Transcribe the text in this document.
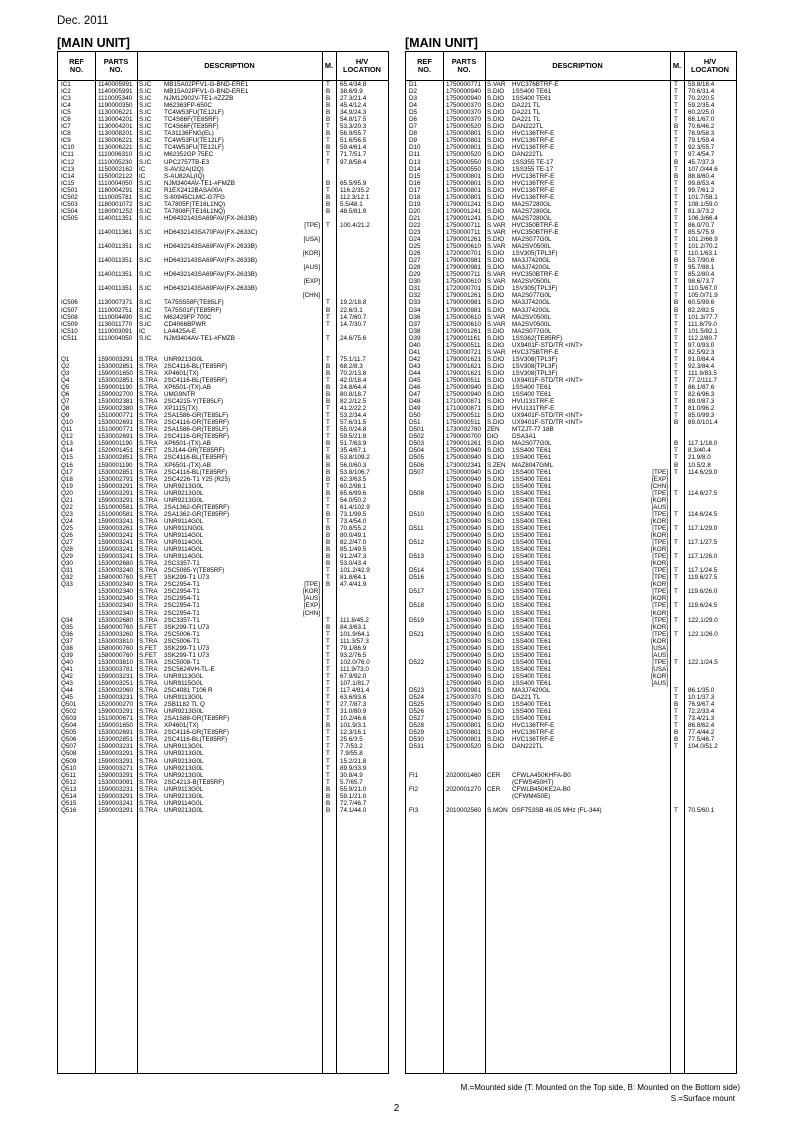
Dec. 2011
[MAIN UNIT]	[MAIN UNIT]
REF
NO.
PARTS
NO.	DESCRIPTION	M.	H/V
LOCATION
IC1	1140005991 S.IC MB15A02PFV1-G-BND-ERE1	T 65.4/34.8
IC2	1140005991 S.IC MB15A02PFV1-G-BND-ERE1	B 38.6/9.9
IC3	1110005340 S.IC NJM12902V-TE1-#ZZZB	B 27.3/21.4
IC4	1190000350 S.IC M62363FP-650C	B 45.4/12.4
IC5	1130006221 S.IC TC4W53FU(TE12LF)	B 34.9/24.3
IC6	1130004201 S.IC TC4S66F(TE85RF)	B 54.8/17.5
IC7	1130004201 S.IC TC4S66F(TE85RF)	T 53.3/20.3
IC8	1130008201 S.IC TA31136FNG(EL)	B 56.9/55.7
IC9	1130006221 S.IC TC4W53FU(TE12LF)	T 51.6/56.5
IC10	1130006221 S.IC TC4W53FU(TE12LF)	B 59.4/61.4
IC11	1110006310 S.IC M62352GP 75EC	T 71.7/51.7
IC12	1110005230 S.IC UPC2757TB-E3	T 97.8/58.4
IC13	1150002162 IC	S-AV32A(I2Q)
IC14	1150002122 IC	S-AU82AL(IQ)
IC15	1110004050 S.IC NJM3404AV-TE1-#FMZB	B 65.5/95.9
IC501	1180004291 S.IC R1EX2412BASA00A	T 116.2/35.2
IC502	1110005781 S.IC S-80945CLMC-G7FG	B 112.3/12.1
IC503	1180001072 S.IC TA7805F(TE16L1NQ)	B 5.5/48.1
IC504	1180001252 S.IC TA7808F(TE16L1NQ)	B 48.5/81.9
IC505	1140011351 S.IC HD6432143SA69FAV(FX-2633B)
[TPE] T 100.4/21.2
1140011361 S.IC HD6432143SA70FAV(FX-2633C)
[USA]
1140011351 S.IC HD6432143SA69FAV(FX-2633B)
[KOR]
1140011351 S.IC HD6432143SA69FAV(FX-2633B)
[AUS]
1140011351 S.IC HD6432143SA69FAV(FX-2633B)
[EXP]
1140011351 S.IC HD6432143SA69FAV(FX-2633B)
[CHN]
IC506	1130007371 S.IC TA75S558F(TE85LF)	T 19.2/18.8
IC507	1110002751 S.IC TA75S01F(TE85RF)	B 22.6/3.1
IC508	1110004490 S.IC M62429FP 700C	T 14.7/60.7
IC509	1130011770 S.IC CD4066BPWR	T 14.7/30.7
IC510	1110003091 IC	LA4425A-E
IC511	1110004050 S.IC NJM3404AV-TE1-#FMZB	T 24.6/75.6
Q1	1590003291 S.TRA UNR9213G0L	T 75.1/11.7
Q2	1530002851 S.TRA 2SC4116-BL(TE85RF)	B 68.2/8.3
Q3	1590001650 S.TRA XP4601(TX)	B 70.2/13.8
Q4	1530002851 S.TRA 2SC4116-BL(TE85RF)	T 42.0/18.4
Q5	1590001190 S.TRA XP6501-(TX).AB	B 24.8/64.4
Q6	1590002700 S.TRA UMG9NTR	B 80.8/18.7
Q7	1530002381 S.TRA 2SC4215-Y(TE85LF)	B 82.2/12.5
Q8	1590002380 S.TRA XP1115(TX)	T 41.2/22.2
Q9	1510000771 S.TRA 2SA1586-GR(TE85LF)	T 53.2/34.4
Q10	1530002691 S.TRA 2SC4116-GR(TE85RF)	T 57.6/31.5
Q11	1510000771 S.TRA 2SA1586-GR(TE85LF)	T 55.0/24.8
Q12	1530002691 S.TRA 2SC4116-GR(TE85RF)	T 59.5/21.9
Q13	1590001190 S.TRA XP6501-(TX).AB	B 51.7/63.9
Q14	1520001451 S.FET 2SJ144-GR(TE85RF)	T 35.4/67.1
Q15	1530002851 S.TRA 2SC4116-BL(TE85RF)	B 53.8/109.2
Q16	1590001190 S.TRA XP6501-(TX).AB	B 56.0/60.3
Q17	1530002851 S.TRA 2SC4116-BL(TE85RF)	B 53.8/106.7
Q18	1530002791 S.TRA 2SC4226-T1 Y25 (R25)	B 62.3/63.5
Q19	1590003291 S.TRA UNR9213G0L	T 60.2/98.1
Q20	1590003291 S.TRA UNR9213G0L	B 65.6/99.6
Q21	1590003291 S.TRA UNR9213G0L	T 54.0/50.2
Q22	1510000581 S.TRA 2SA1362-GR(TE85RF)	T 61.4/102.9
Q23	1510000581 S.TRA 2SA1362-GR(TE85RF)	B 73.1/99.5
Q24	1590003241 S.TRA UNR9114G0L	T 73.4/54.0
Q25	1590003261 S.TRA UNR911NG0L	B 70.8/55.2
Q26	1590003241 S.TRA UNR9114G0L	B 80.0/49.1
Q27	1590003241 S.TRA UNR9114G0L	B 82.2/47.0
Q28	1590003241 S.TRA UNR9114G0L	B 85.1/49.5
Q29	1590003241 S.TRA UNR9114G0L	B 91.2/47.3
Q30	1530002680 S.TRA 2SC3357-T1	B 53.0/43.4
Q31	1530003240 S.TRA 2SC5085-Y(TE85RF)	T 101.2/42.9
Q32	1580000760 S.FET 3SK299-T1 U73	T 81.8/64.1
Q33	1530002340 S.TRA 2SC2954-T1	[TPE] B 47.4/41.9
1530002340 S.TRA 2SC2954-T1	[KOR]
1530002340 S.TRA 2SC2954-T1	[AUS]
1530002340 S.TRA 2SC2954-T1	[EXP]
1530002340 S.TRA 2SC2954-T1	[CHN]
Q34	1530002680 S.TRA 2SC3357-T1	T 111.8/45.2
Q35	1580000760 S.FET 3SK299-T1 U73	B 84.3/63.1
Q36	1530003260 S.TRA 2SC5006-T1	T 101.9/64.1
Q37	1530003810 S.TRA 2SC5006-T1	T 111.3/57.3
Q38	1580000760 S.FET 3SK299-T1 U73	T 79.1/86.9
Q39	1580000760 S.FET 3SK299-T1 U73	T 93.2/76.5
Q40	1530003810 S.TRA 2SC5008-T1	T 102.0/76.0
Q41	1530003781 S.TRA 2SC5624VH-TL-E	T 111.9/73.0
Q42	1590003231 S.TRA UNR9113G0L	T 67.9/92.0
Q43	1590003251 S.TRA UNR9115G0L	T 107.1/81.7
Q44	1530002060 S.TRA 2SC4081 T106 R	T 117.4/81.4
Q45	1590003231 S.TRA UNR9113G0L	T 63.6/93.6
Q501	1520000270 S.TRA 2SB1182 TL Q	T 27.7/87.3
Q502	1590003291 S.TRA UNR9213G0L	T 31.0/80.9
Q503	1510000671 S.TRA 2SA1588-GR(TE85RF)	T 10.2/46.6
Q504	1590001650 S.TRA XP4601(TX)	B 101.9/3.1
Q505	1530002691 S.TRA 2SC4116-GR(TE85RF)	T 12.3/16.1
Q506	1530002851 S.TRA 2SC4116-BL(TE85RF)	T 25.6/3.5
Q507	1590003231 S.TRA UNR9113G0L	T 7.7/53.2
Q508	1590003291 S.TRA UNR9213G0L	T 7.9/55.8
Q509	1590003291 S.TRA UNR9213G0L	T 15.2/21.8
Q510	1590003271 S.TRA UNR9213G0L	T 89.9/33.9
Q511	1590003291 S.TRA UNR9213G0L	T 30.8/4.9
Q512	1530003091 S.TRA 2SC4213-B(TE85RF)	T 5.7/65.7
Q513	1590003231 S.TRA UNR9113G0L	B 55.9/21.0
Q514	1590003291 S.TRA UNR9213G0L	B 59.1/21.0
Q515	1590003241 S.TRA UNR9114G0L	B 72.7/46.7
Q516	1590003291 S.TRA UNR9213G0L	B 74.1/44.0
REF
NO.
PARTS
NO.	DESCRIPTION	M.	H/V
LOCATION
D1	1750000771 S.VAR HVC376BTRF-E	T 59.8/18.4
D2	1750000940 S.DIO 1SS400 TE61	T 70.6/31.4
D3	1750000940 S.DIO 1SS400 TE61	T 70.2/20.5
D4	1750000370 S.DIO DA221 TL	T 59.2/35.4
D5	1750000370 S.DIO DA221 TL	T 60.2/25.0
D6	1750000370 S.DIO DA221 TL	T 68.1/67.0
D7	1750000520 S.DIO DAN222TL	B 70.6/46.2
D8	1750000801 S.DIO HVC136TRF-E	T 78.9/58.3
D9	1750000801 S.DIO HVC136TRF-E	T 79.1/59.4
D10	1750000801 S.DIO HVC136TRF-E	T 92.3/55.7
D11	1750000520 S.DIO DAN222TL	T 97.4/54.7
D13	1750000550 S.DIO 1SS355 TE-17	B 45.7/37.3
D14	1750000550 S.DIO 1SS355 TE-17	T 107.0/44.6
D15	1750000801 S.DIO HVC136TRF-E	B 88.8/60.4
D16	1750000801 S.DIO HVC136TRF-E	T 99.8/53.4
D17	1750000801 S.DIO HVC136TRF-E	T 99.7/61.2
D18	1750000801 S.DIO HVC136TRF-E	T 101.7/58.1
D19	1790001241 S.DIO MA2S7280GL	T 108.1/59.0
D20	1790001241 S.DIO MA2S7280GL	T 81.3/73.2
D21	1790001241 S.DIO MA2S7280GL	T 106.3/66.4
D22	1750000711 S.VAR HVC350BTRF-E	T 86.0/70.7
D23	1750000711 S.VAR HVC350BTRF-E	T 85.5/75.9
D24	1790001261 S.DIO MA2S077G0L	T 101.2/66.9
D25	1750000610 S.VAR MA2SV0500L	T 101.2/70.2
D26	1720000701 S.DIO 1SV305(TPL3F)	T 110.1/63.1
D27	1790000981 S.DIO MA3J7420GL	B 53.7/90.6
D28	1790000981 S.DIO MA3J7420GL	T 95.7/88.1
D29	1750000711 S.VAR HVC350BTRF-E	T 85.2/80.4
D30	1750000610 S.VAR MA2SV0500L	T 98.6/73.7
D31	1720000701 S.DIO 1SV305(TPL3F)	T 110.5/67.0
D32	1790001261 S.DIO MA2S077G0L	T 105.0/71.9
D33	1790000981 S.DIO MA3J7420GL	B 60.5/99.6
D34	1790000981 S.DIO MA3J7420GL	B 82.2/82.5
D36	1750000610 S.VAR MA2SV0500L	T 101.3/77.7
D37	1750000610 S.VAR MA2SV0500L	T 111.8/79.0
D38	1790001261 S.DIO MA2S077G0L	T 101.5/82.1
D39	1790001161 S.DIO 1SS362(TE85RF)	T 112.2/80.7
D40	1750000511 S.DIO UX9401F-STD/TR <INT>	T 97.0/93.0
D41	1750000721 S.VAR HVC375BTRF-E	T 82.5/92.3
D42	1790001621 S.DIO 1SV308(TPL3F)	T 91.0/84.4
D43	1790001621 S.DIO 1SV308(TPL3F)	T 92.3/84.4
D44	1790001621 S.DIO 1SV308(TPL3F)	T 111.9/83.5
D45	1750000511 S.DIO UX9401F-STD/TR <INT>	T 77.2/111.7
D46	1750000940 S.DIO 1SS400 TE61	T 86.1/87.6
D47	1750000940 S.DIO 1SS400 TE61	T 82.6/96.3
D48	1710000871 S.DIO HVU131TRF-E	T 89.0/87.3
D49	1710000871 S.DIO HVU131TRF-E	T 81.0/96.2
D50	1750000511 S.DIO UX9401F-STD/TR <INT>	T 85.0/99.3
D51	1750000511 S.DIO UX9401F-STD/TR <INT>	B 89.0/101.4
D501	1730002780 ZEN MTZJT-77 18B
D502	1790000700 DIO DSA3A1
D503	1790001261 S.DIO MA2S077G0L	B 117.1/18.0
D504	1750000940 S.DIO 1SS400 TE61	T 8.3/40.4
D505	1750000940 S.DIO 1SS400 TE61	T 21.9/8.0
D506	1730002341 S.ZEN MAZ8047GML	B 10.5/2.8
D507	1750000940 S.DIO 1SS400 TE61	[TPE] T 114.6/29.0
1750000940 S.DIO 1SS400 TE61	[EXP]
1750000940 S.DIO 1SS400 TE61	[CHN]
D508	1750000940 S.DIO 1SS400 TE61	[TPE] T 114.6/27.5
1750000940 S.DIO 1SS400 TE61	[KOR]
1750000940 S.DIO 1SS400 TE61	[AUS]
D510	1750000940 S.DIO 1SS400 TE61	[TPE] T 114.6/24.5
1750000940 S.DIO 1SS400 TE61	[KOR]
D511	1750000940 S.DIO 1SS400 TE61	[TPE] T 117.1/29.0
1750000940 S.DIO 1SS400 TE61	[KOR]
D512	1750000940 S.DIO 1SS400 TE61	[TPE] T 117.1/27.5
1750000940 S.DIO 1SS400 TE61	[KOR]
D513	1750000940 S.DIO 1SS400 TE61	[TPE] T 117.1/26.0
1750000940 S.DIO 1SS400 TE61	[KOR]
D514	1750000940 S.DIO 1SS400 TE61	[TPE] T 117.1/24.5
D516	1750000940 S.DIO 1SS400 TE61	[TPE] T 119.6/27.5
1750000940 S.DIO 1SS400 TE61	[KOR]
D517	1750000940 S.DIO 1SS400 TE61	[TPE] T 119.6/26.0
1750000940 S.DIO 1SS400 TE61	[KOR]
D518	1750000940 S.DIO 1SS400 TE61	[TPE] T 119.6/24.5
1750000940 S.DIO 1SS400 TE61	[KOR]
D519	1750000940 S.DIO 1SS400 TE61	[TPE] T 122.1/29.0
1750000940 S.DIO 1SS400 TE61	[KOR]
D521	1750000940 S.DIO 1SS400 TE61	[TPE] T 122.1/26.0
1750000940 S.DIO 1SS400 TE61	[KOR]
1750000940 S.DIO 1SS400 TE61	[USA]
1750000940 S.DIO 1SS400 TE61	[AUS]
D522	1750000940 S.DIO 1SS400 TE61	[TPE] T 122.1/24.5
1750000940 S.DIO 1SS400 TE61	[USA]
1750000940 S.DIO 1SS400 TE61	[KOR]
1750000940 S.DIO 1SS400 TE61	[AUS]
D523	1790000981 S.DIO MA3J7420GL	T 86.1/35.0
D524	1750000370 S.DIO DA221 TL	T 10.1/37.3
D525	1750000940 S.DIO 1SS400 TE61	B 76.9/67.4
D526	1750000940 S.DIO 1SS400 TE61	T 72.2/33.4
D527	1750000940 S.DIO 1SS400 TE61	T 73.4/21.3
D528	1750000801 S.DIO HVC136TRF-E	T 86.8/62.4
D529	1750000801 S.DIO HVC136TRF-E	B 77.4/44.2
D530	1750000801 S.DIO HVC136TRF-E	B 77.5/46.7
D531	1750000520 S.DIO DAN222TL	T 104.0/51.2
FI1	2020001460 CER CFWLA450KHFA-B0
(CFWS450HT)
FI2	2020001270 CER CFWLB450KE2A-B0
(CFWM450E)
FI3	2010002560 S.MON DSF753SB 46.05 MHz (FL-344)	T 70.5/60.1
M.=Mounted side (T: Mounted on the Top side, B: Mounted on the Bottom side)
S.=Surface mount
2
